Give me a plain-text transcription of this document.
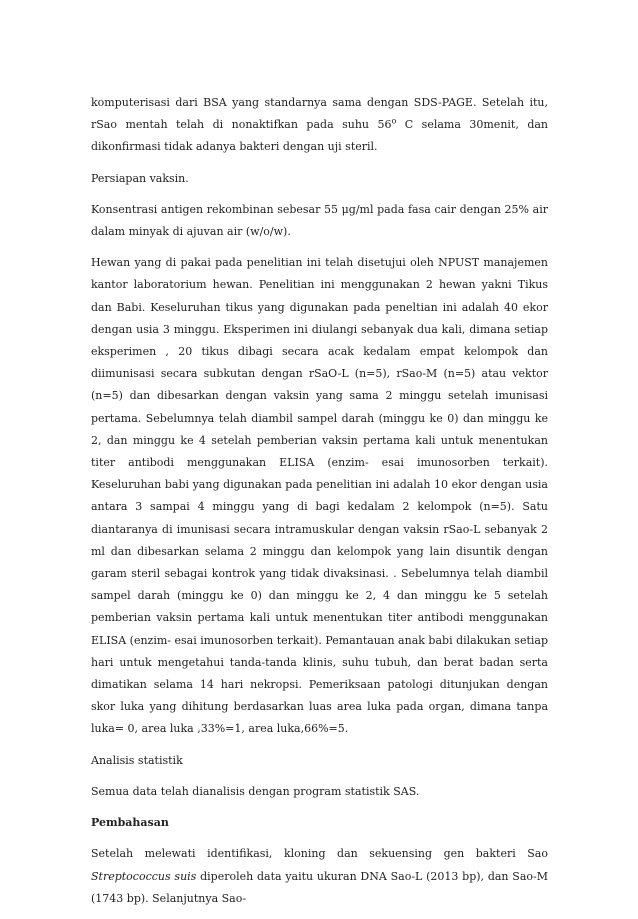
komputerisasi dari BSA yang standarnya sama dengan SDS-PAGE. Setelah itu, rSao mentah telah di nonaktifkan pada suhu 56$^o$ C selama 30menit, dan dikonfirmasi tidak adanya bakteri dengan uji steril.

Persiapan vaksin.

Konsentrasi antigen rekombinan sebesar 55 μg/ml pada fasa cair dengan 25% air dalam minyak di ajuvan air (w/o/w).

Hewan yang di pakai pada penelitian ini telah disetujui oleh NPUST manajemen kantor laboratorium hewan. Penelitian ini menggunakan 2 hewan yakni Tikus dan Babi. Keseluruhan tikus yang digunakan pada peneltian ini adalah 40 ekor dengan usia 3 minggu. Eksperimen ini diulangi sebanyak dua kali, dimana setiap eksperimen , 20 tikus dibagi secara acak kedalam empat kelompok dan diimunisasi secara subkutan dengan rSaO-L (n=5), rSao-M (n=5) atau vektor (n=5) dan dibesarkan dengan vaksin yang sama 2 minggu setelah imunisasi pertama. Sebelumnya telah diambil sampel darah (minggu ke 0) dan minggu ke 2, dan minggu ke 4 setelah pemberian vaksin pertama kali untuk menentukan titer antibodi menggunakan ELISA (enzim- esai imunosorben terkait). Keseluruhan babi yang digunakan pada penelitian ini adalah 10 ekor dengan usia antara 3 sampai 4 minggu yang di bagi kedalam 2 kelompok (n=5). Satu diantaranya di imunisasi secara intramuskular dengan vaksin rSao-L sebanyak 2 ml dan dibesarkan selama 2 minggu dan kelompok yang lain disuntik dengan garam steril sebagai kontrok yang tidak divaksinasi. . Sebelumnya telah diambil sampel darah (minggu ke 0) dan minggu ke 2, 4 dan minggu ke 5 setelah pemberian vaksin pertama kali untuk menentukan titer antibodi menggunakan ELISA (enzim- esai imunosorben terkait). Pemantauan anak babi dilakukan setiap hari untuk mengetahui tanda-tanda klinis, suhu tubuh, dan berat badan serta dimatikan selama 14 hari nekropsi. Pemeriksaan patologi ditunjukan dengan skor luka yang dihitung berdasarkan luas area luka pada organ, dimana tanpa luka= 0, area luka ,33%=1, area luka,66%=5.

Analisis statistik

Semua data telah dianalisis dengan program statistik SAS.

Pembahasan

Setelah melewati identifikasi, kloning dan sekuensing gen bakteri Sao Streptococcus suis diperoleh data yaitu ukuran DNA Sao-L (2013 bp), dan Sao-M (1743 bp). Selanjutnya Sao-
